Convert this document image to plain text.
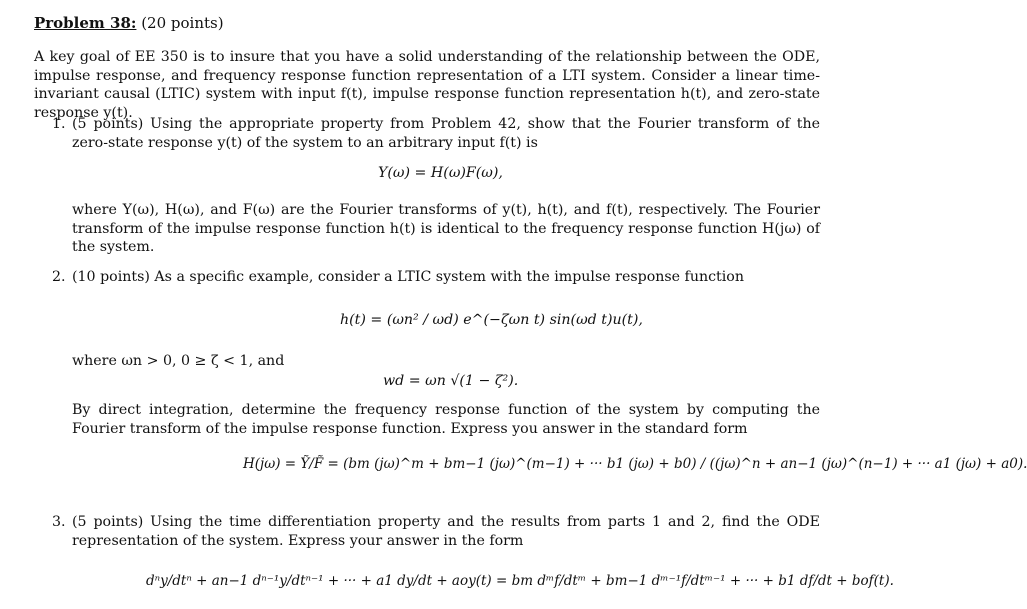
Problem 38: (20 points)
A key goal of EE 350 is to insure that you have a solid understanding of the relationship between the ODE, impulse response, and frequency response function representation of a LTI system. Consider a linear time-invariant causal (LTIC) system with input f(t), impulse response function representation h(t), and zero-state response y(t).
1. (5 points) Using the appropriate property from Problem 42, show that the Fourier transform of the zero-state response y(t) of the system to an arbitrary input f(t) is
Y(ω) = H(ω)F(ω),
where Y(ω), H(ω), and F(ω) are the Fourier transforms of y(t), h(t), and f(t), respectively. The Fourier transform of the impulse response function h(t) is identical to the frequency response function H(jω) of the system.
2. (10 points) As a specific example, consider a LTIC system with the impulse response function
h(t) = (ωn² / ωd) e^(−ζωn t) sin(ωd t)u(t),
where ωn > 0, 0 ≥ ζ < 1, and
wd = ωn √(1 − ζ²).
By direct integration, determine the frequency response function of the system by computing the Fourier transform of the impulse response function. Express you answer in the standard form
H(jω) = Ỹ/F̃ = (bm (jω)^m + bm−1 (jω)^(m−1) + ··· b1 (jω) + b0) / ((jω)^n + an−1 (jω)^(n−1) + ··· a1 (jω) + a0).
3. (5 points) Using the time differentiation property and the results from parts 1 and 2, find the ODE representation of the system. Express your answer in the form
dⁿy/dtⁿ + an−1 dⁿ⁻¹y/dtⁿ⁻¹ + ··· + a1 dy/dt + aoy(t) = bm dᵐf/dtᵐ + bm−1 dᵐ⁻¹f/dtᵐ⁻¹ + ··· + b1 df/dt + bof(t).
